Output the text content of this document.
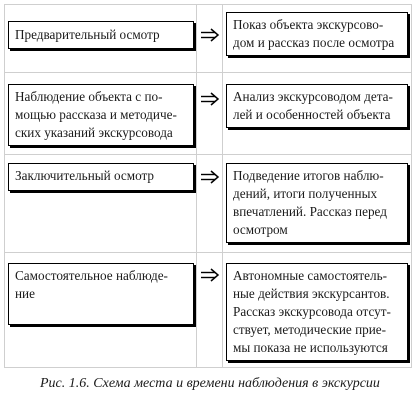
Предварительный осмотр
Показ объекта экскурсово-
дом и рассказ после осмотра
Наблюдение объекта с по-
мощью рассказа и методиче-
ских указаний экскурсовода
Анализ экскурсоводом дета-
лей и особенностей объекта
Заключительный осмотр	Подведение итогов наблю-
дений, итоги полученных
впечатлений. Рассказ перед
осмотром
Самостоятельное наблюде-
ние
Автономные самостоятель-
ные действия экскурсантов.
Рассказ экскурсовода отсут-
ствует, методические прие-
мы показа не используются
Рис. 1.6. Схема места и времени наблюдения в экскурсии
